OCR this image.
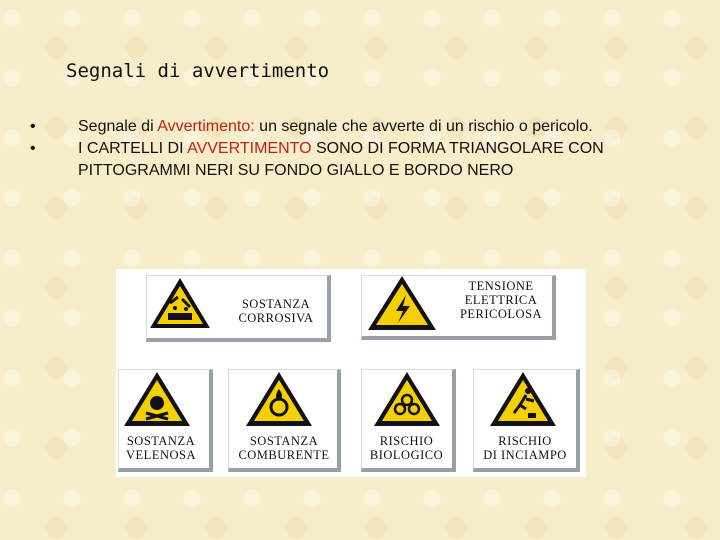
Segnali di avvertimento
•	Segnale di Avvertimento: un segnale che avverte di un rischio o pericolo.
•	I CARTELLI DI AVVERTIMENTO SONO DI FORMA TRIANGOLARE CON PITTOGRAMMI NERI SU FONDO GIALLO E BORDO NERO
SOSTANZA
CORROSIVA
TENSIONE
ELETTRICA
PERICOLOSA
SOSTANZA
VELENOSA
SOSTANZA
COMBURENTE
RISCHIO
BIOLOGICO
RISCHIO
DI INCIAMPO
